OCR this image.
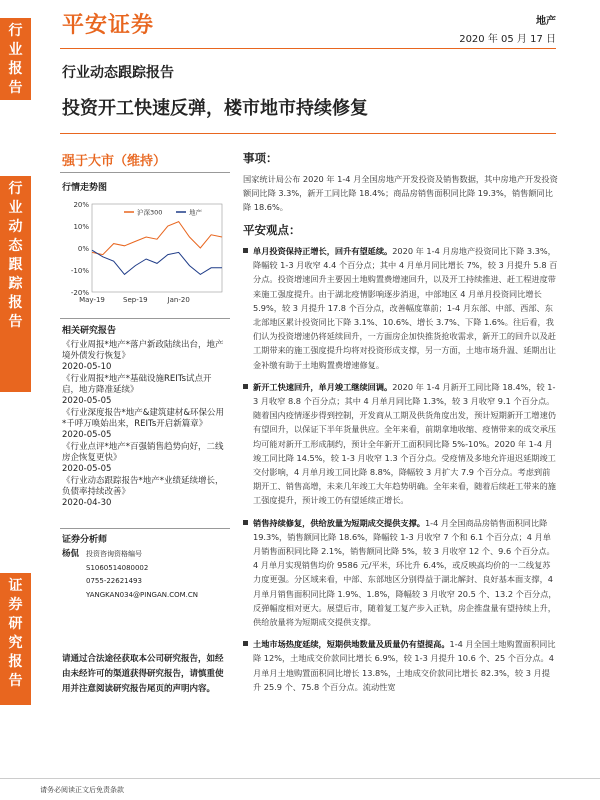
行
业
报
告
行
业
动
态
跟
踪
报
告
证
券
研
究
报
告
平安证券	地产
2020 年 05 月 17 日
行业动态跟踪报告
投资开工快速反弹，楼市地市持续修复
强于大市（维持）
行情走势图
-20%
-10%
0%
10%
20%
May-19	Sep-19	Jan-20
沪深300	地产
相关研究报告
《行业周报*地产*落户新政陆续出台，地产境外债发行恢复》
2020-05-10
《行业周报*地产*基础设施REITs试点开启，地方降准延续》
2020-05-05
《行业深度报告*地产&建筑建材&环保公用*千呼万唤始出来，REITs开启新篇章》
2020-05-05
《行业点评*地产*百强销售趋势向好，二线房企恢复更快》
2020-05-05
《行业动态跟踪报告*地产*业绩延续增长，负债率持续改善》
2020-04-30
证券分析师
杨侃 投资咨询资格编号
S1060514080002
0755-22621493
YANGKAN034@PINGAN.COM.CN
请通过合法途径获取本公司研究报告，如经由未经许可的渠道获得研究报告，请慎重使用并注意阅读研究报告尾页的声明内容。
事项：
国家统计局公布 2020 年 1-4 月全国房地产开发投资及销售数据，其中房地产开发投资额同比降 3.3%，新开工同比降 18.4%；商品房销售面积同比降 19.3%，销售额同比降 18.6%。
平安观点：
单月投资保持正增长，回升有望延续。2020 年 1-4 月房地产投资同比下降 3.3%，降幅较 1-3 月收窄 4.4 个百分点；其中 4 月单月同比增长 7%，较 3 月提升 5.8 百分点。投资增速回升主要因土地购置费增速回升，以及开工持续推进、赶工程进度带来施工强度提升。由于湖北疫情影响逐步消退，中部地区 4 月单月投资同比增长 5.9%，较 3 月提升 17.8 个百分点，改善幅度靠前；1-4 月东部、中部、西部、东北部地区累计投资同比下降 3.1%、10.6%、增长 3.7%、下降 1.6%。往后看，我们认为投资增速仍将延续回升，一方面房企加快推货抢收需求，新开工的回升以及赶工期带来的施工强度提升均将对投资形成支撑，另一方面，土地市场升温、延期出让金补缴有助于土地购置费增速修复。
新开工快速回升，单月竣工继续回调。2020 年 1-4 月新开工同比降 18.4%，较 1-3 月收窄 8.8 个百分点；其中 4 月单月同比降 1.3%，较 3 月收窄 9.1 个百分点。随着国内疫情逐步得到控制，开发商从工期及供货角度出发，预计短期新开工增速仍有望回升，以保证下半年货量供应。全年来看，前期拿地收缩、疫情带来的成交承压均可能对新开工形成制约，预计全年新开工面积同比降 5%-10%。2020 年 1-4 月竣工同比降 14.5%，较 1-3 月收窄 1.3 个百分点。受疫情及多地允许退迟延期竣工交付影响，4 月单月竣工同比降 8.8%，降幅较 3 月扩大 7.9 个百分点。考虑到前期开工、销售高增，未来几年竣工大年趋势明确。全年来看，随着后续赶工带来的施工强度提升，预计竣工仍有望延续正增长。
销售持续修复，供给放量为短期成交提供支撑。1-4 月全国商品房销售面积同比降 19.3%，销售额同比降 18.6%，降幅较 1-3 月收窄 7 个和 6.1 个百分点；4 月单月销售面积同比降 2.1%，销售额同比降 5%，较 3 月收窄 12 个、9.6 个百分点。4 月单月实现销售均价 9586 元/平米，环比升 6.4%，或反映高均价的一二线复苏力度更强。分区域来看，中部、东部地区分别得益于湖北解封、良好基本面支撑，4 月单月销售面积同比降 1.9%、1.8%，降幅较 3 月收窄 20.5 个、13.2 个百分点，反弹幅度相对更大。展望后市，随着复工复产步入正轨，房企推盘量有望持续上升，供给放量将为短期成交提供支撑。
土地市场热度延续，短期供地数量及质量仍有望提高。1-4 月全国土地购置面积同比降 12%，土地成交价款同比增长 6.9%，较 1-3 月提升 10.6 个、25 个百分点。4 月单月土地购置面积同比增长 13.8%，土地成交价款同比增长 82.3%，较 3 月提升 25.9 个、75.8 个百分点。流动性宽
请务必阅读正文后免责条款
